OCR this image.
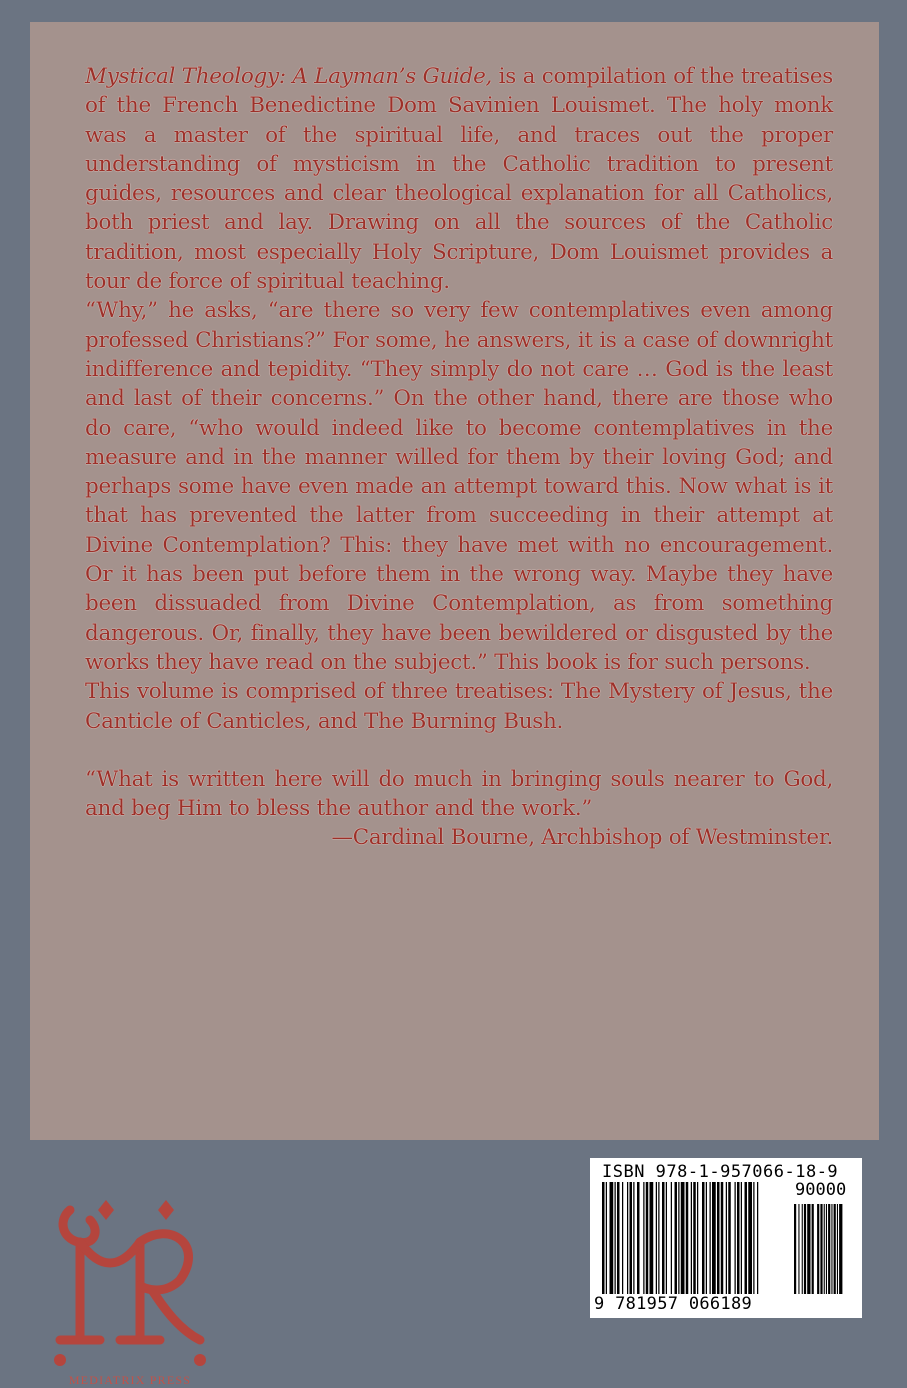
Mystical Theology: A Layman’s Guide, is a compilation of the treatises of the French Benedictine Dom Savinien Louismet. The holy monk was a master of the spiritual life, and traces out the proper understanding of mysticism in the Catholic tradition to present guides, resources and clear theological explanation for all Catholics, both priest and lay. Drawing on all the sources of the Catholic tradition, most especially Holy Scripture, Dom Louismet provides a tour de force of spiritual teaching.

“Why,” he asks, “are there so very few contemplatives even among professed Christians?” For some, he answers, it is a case of downright indifference and tepidity. “They simply do not care … God is the least and last of their concerns.” On the other hand, there are those who do care, “who would indeed like to become contemplatives in the measure and in the manner willed for them by their loving God; and perhaps some have even made an attempt toward this. Now what is it that has prevented the latter from succeeding in their attempt at Divine Contemplation? This: they have met with no encouragement. Or it has been put before them in the wrong way. Maybe they have been dissuaded from Divine Contemplation, as from something dangerous. Or, finally, they have been bewildered or disgusted by the works they have read on the subject.” This book is for such persons.

This volume is comprised of three treatises: The Mystery of Jesus, the Canticle of Canticles, and The Burning Bush.

“What is written here will do much in bringing souls nearer to God, and beg Him to bless the author and the work.”

—Cardinal Bourne, Archbishop of Westminster.

MEDIATRIX PRESS
ISBN 978-1-957066-18-9
90000
9 781957 066189
